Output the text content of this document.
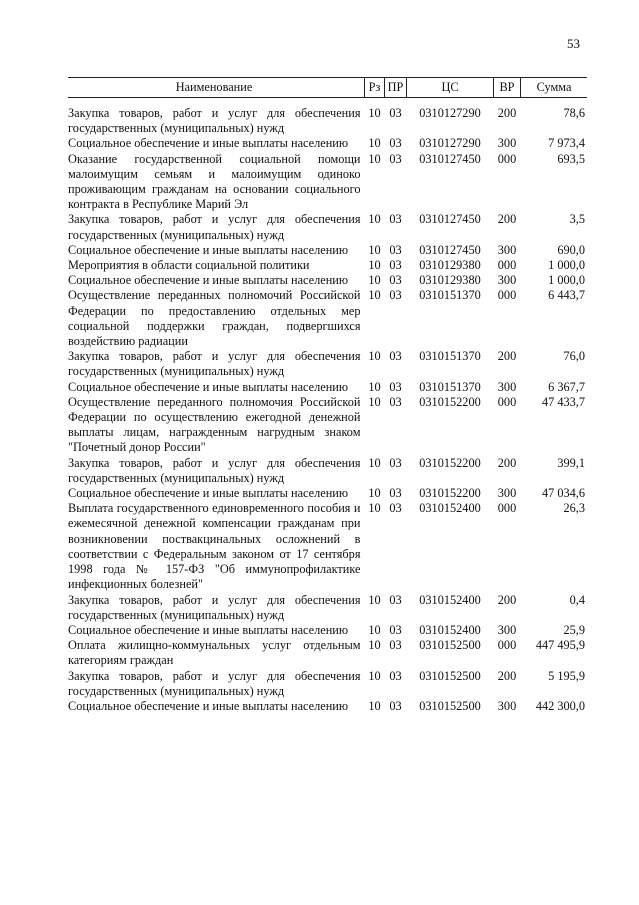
53
Наименование	Рз	ПР	ЦС	ВР	Сумма
Закупка товаров, работ и услуг для обеспечения государственных (муниципальных) нужд	10	03	0310127290	200	78,6
Социальное обеспечение и иные выплаты населению	10	03	0310127290	300	7 973,4
Оказание государственной социальной помощи малоимущим семьям и малоимущим одиноко проживающим гражданам на основании социального контракта в Республике Марий Эл	10	03	0310127450	000	693,5
Закупка товаров, работ и услуг для обеспечения государственных (муниципальных) нужд	10	03	0310127450	200	3,5
Социальное обеспечение и иные выплаты населению	10	03	0310127450	300	690,0
Мероприятия в области социальной политики	10	03	0310129380	000	1 000,0
Социальное обеспечение и иные выплаты населению	10	03	0310129380	300	1 000,0
Осуществление переданных полномочий Российской Федерации по предоставлению отдельных мер социальной поддержки граждан, подвергшихся воздействию радиации	10	03	0310151370	000	6 443,7
Закупка товаров, работ и услуг для обеспечения государственных (муниципальных) нужд	10	03	0310151370	200	76,0
Социальное обеспечение и иные выплаты населению	10	03	0310151370	300	6 367,7
Осуществление переданного полномочия Российской Федерации по осуществлению ежегодной денежной выплаты лицам, награжденным нагрудным знаком "Почетный донор России"	10	03	0310152200	000	47 433,7
Закупка товаров, работ и услуг для обеспечения государственных (муниципальных) нужд	10	03	0310152200	200	399,1
Социальное обеспечение и иные выплаты населению	10	03	0310152200	300	47 034,6
Выплата государственного единовременного пособия и ежемесячной денежной компенсации гражданам при возникновении поствакцинальных осложнений в соответствии с Федеральным законом от 17 сентября 1998 года № 157-ФЗ "Об иммунопрофилактике инфекционных болезней"	10	03	0310152400	000	26,3
Закупка товаров, работ и услуг для обеспечения государственных (муниципальных) нужд	10	03	0310152400	200	0,4
Социальное обеспечение и иные выплаты населению	10	03	0310152400	300	25,9
Оплата жилищно-коммунальных услуг отдельным категориям граждан	10	03	0310152500	000	447 495,9
Закупка товаров, работ и услуг для обеспечения государственных (муниципальных) нужд	10	03	0310152500	200	5 195,9
Социальное обеспечение и иные выплаты населению	10	03	0310152500	300	442 300,0
